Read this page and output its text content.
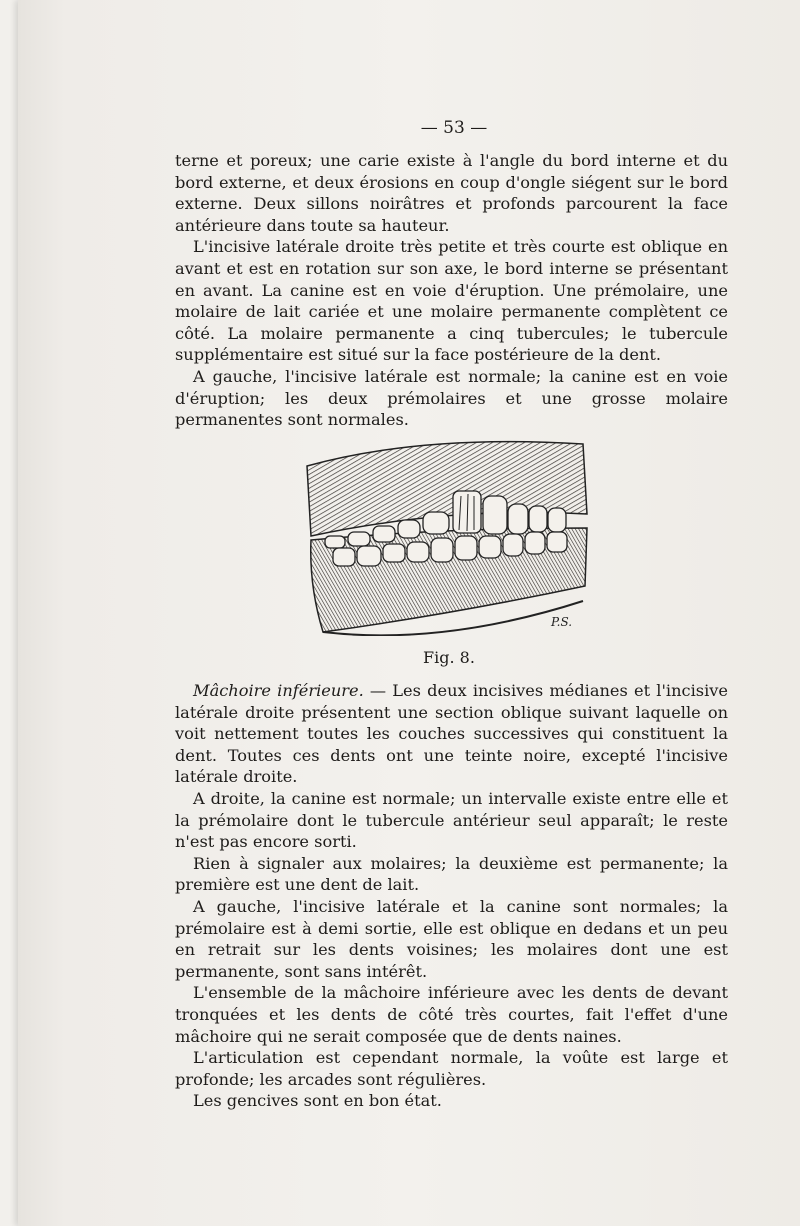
— 53 —

terne et poreux; une carie existe à l'angle du bord interne et du bord externe, et deux érosions en coup d'ongle siégent sur le bord externe. Deux sillons noirâtres et profonds parcourent la face antérieure dans toute sa hauteur.

L'incisive latérale droite très petite et très courte est oblique en avant et est en rotation sur son axe, le bord interne se présentant en avant. La canine est en voie d'éruption. Une prémolaire, une molaire de lait cariée et une molaire permanente complètent ce côté. La molaire permanente a cinq tubercules; le tubercule supplémentaire est situé sur la face postérieure de la dent.

A gauche, l'incisive latérale est normale; la canine est en voie d'éruption; les deux prémolaires et une grosse molaire permanentes sont normales.

P.S.
Fig. 8.

Mâchoire inférieure. — Les deux incisives médianes et l'incisive latérale droite présentent une section oblique suivant laquelle on voit nettement toutes les couches successives qui constituent la dent. Toutes ces dents ont une teinte noire, excepté l'incisive latérale droite.

A droite, la canine est normale; un intervalle existe entre elle et la prémolaire dont le tubercule antérieur seul apparaît; le reste n'est pas encore sorti.

Rien à signaler aux molaires; la deuxième est permanente; la première est une dent de lait.

A gauche, l'incisive latérale et la canine sont normales; la prémolaire est à demi sortie, elle est oblique en dedans et un peu en retrait sur les dents voisines; les molaires dont une est permanente, sont sans intérêt.

L'ensemble de la mâchoire inférieure avec les dents de devant tronquées et les dents de côté très courtes, fait l'effet d'une mâchoire qui ne serait composée que de dents naines.

L'articulation est cependant normale, la voûte est large et profonde; les arcades sont régulières.

Les gencives sont en bon état.
